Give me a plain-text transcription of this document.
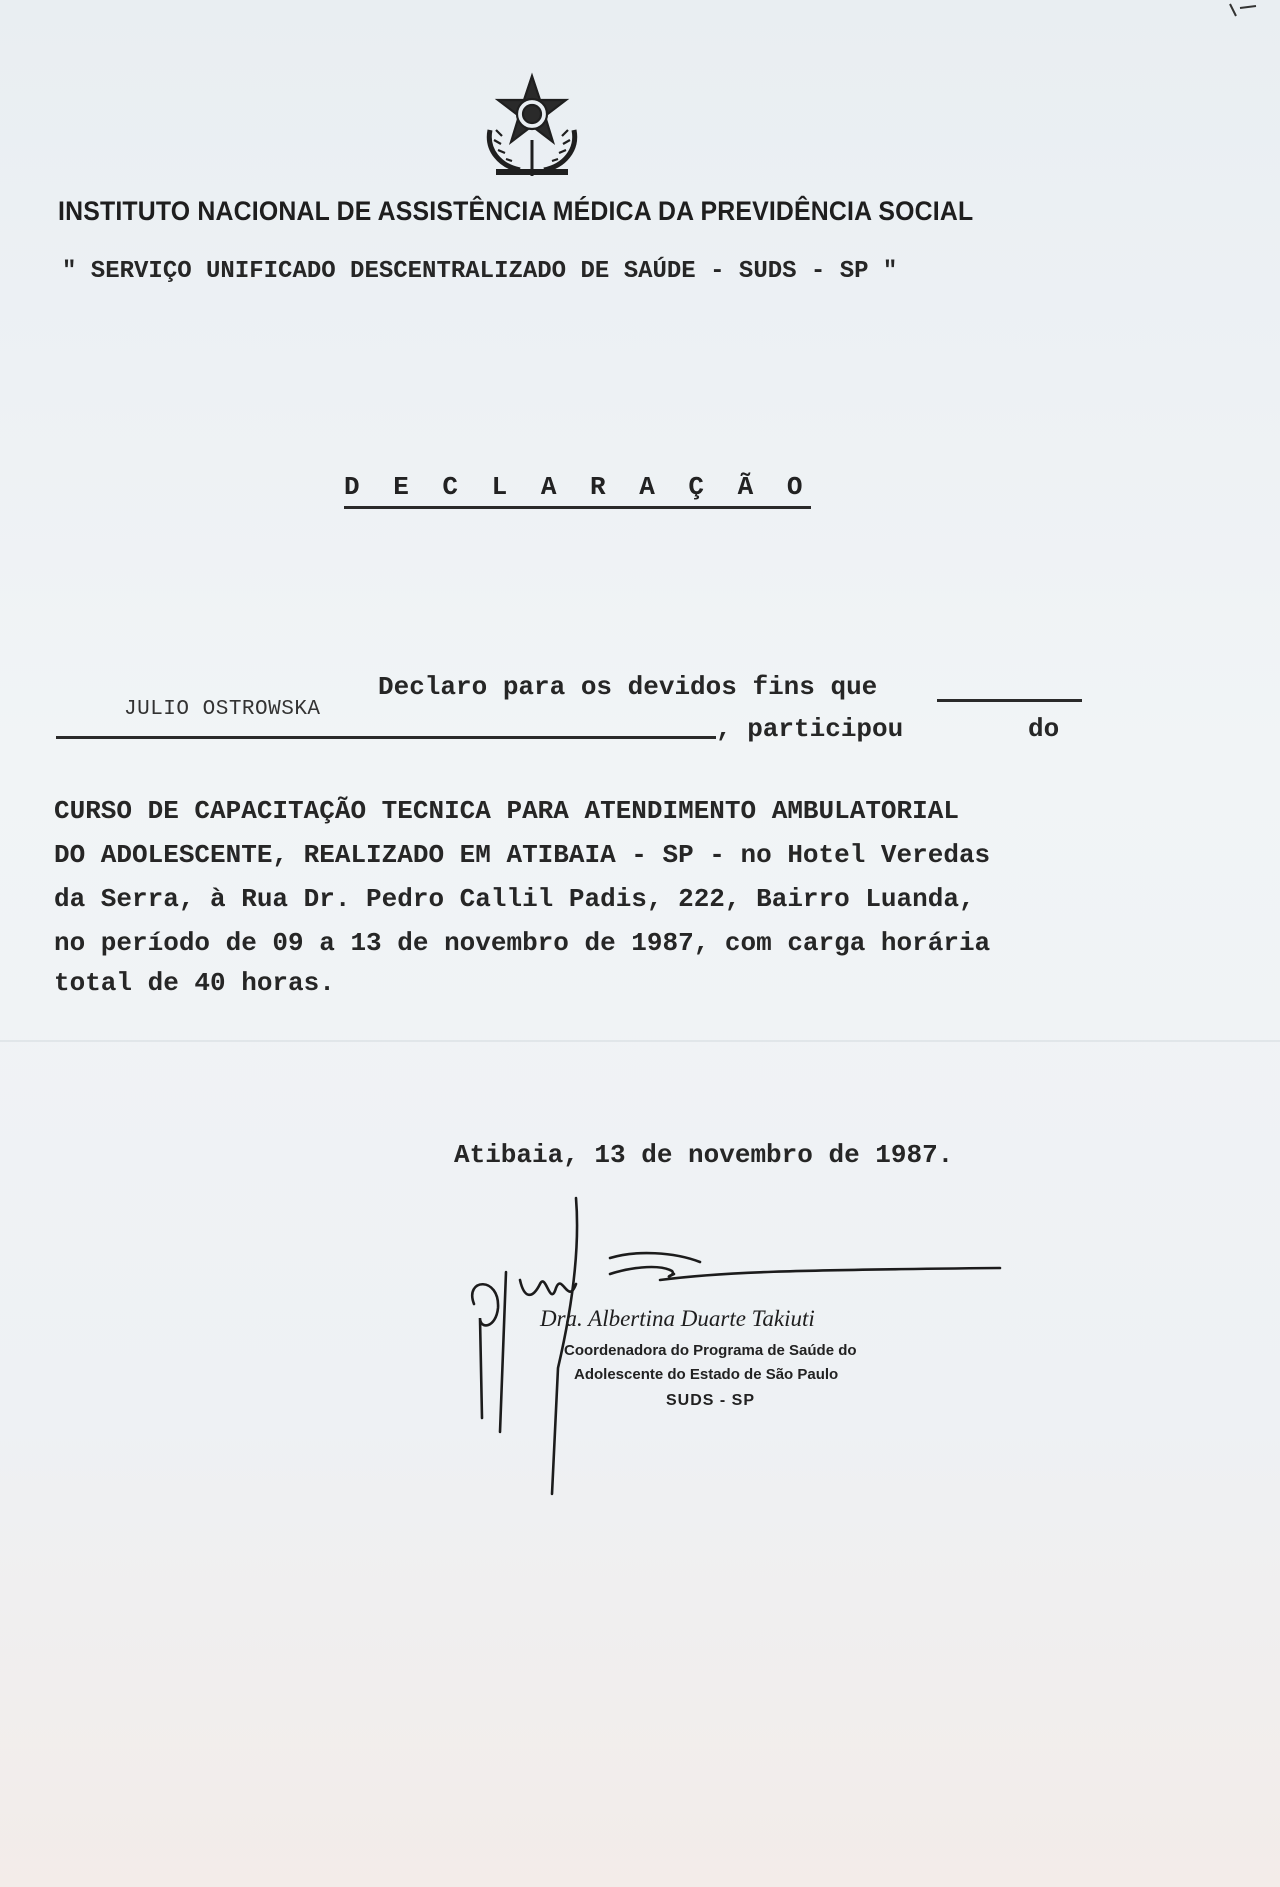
INSTITUTO NACIONAL DE ASSISTÊNCIA MÉDICA DA PREVIDÊNCIA SOCIAL
" SERVIÇO UNIFICADO DESCENTRALIZADO DE SAÚDE - SUDS - SP "
D E C L A R A Ç Ã O
Declaro para os devidos fins que
JULIO OSTROWSKA
, participou	do
CURSO DE CAPACITAÇÃO TECNICA PARA ATENDIMENTO AMBULATORIAL
DO ADOLESCENTE, REALIZADO EM ATIBAIA - SP - no Hotel Veredas
da Serra, à Rua Dr. Pedro Callil Padis, 222, Bairro Luanda,
no período de 09 a 13 de novembro de 1987, com carga horária
total de 40 horas.
Atibaia, 13 de novembro de 1987.
Dra. Albertina Duarte Takiuti
Coordenadora do Programa de Saúde do
Adolescente do Estado de São Paulo
SUDS - SP
